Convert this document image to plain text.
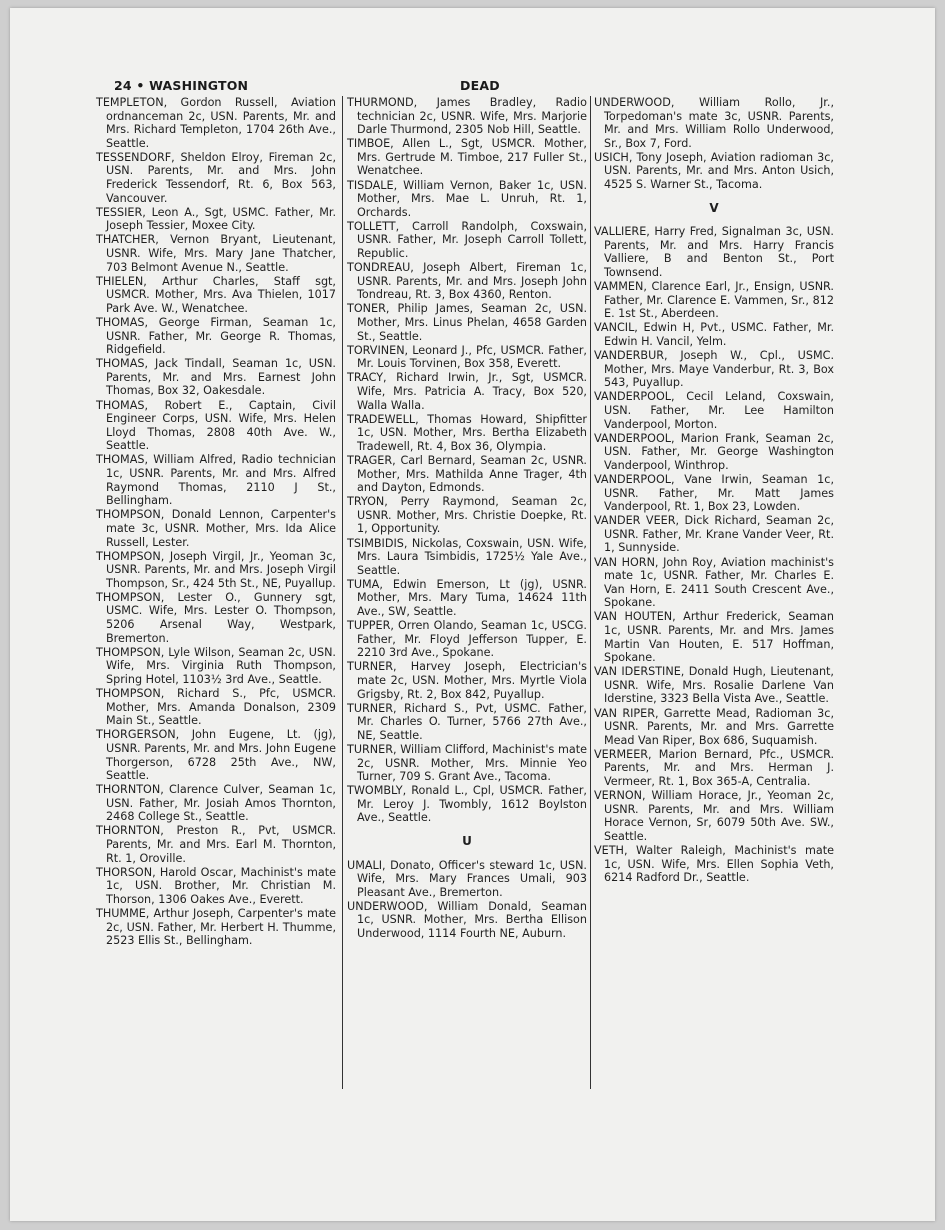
24 • WASHINGTON	DEAD
TEMPLETON, Gordon Russell, Aviation ordnanceman 2c, USN. Parents, Mr. and Mrs. Richard Templeton, 1704 26th Ave., Seattle.
TESSENDORF, Sheldon Elroy, Fireman 2c, USN. Parents, Mr. and Mrs. John Frederick Tessendorf, Rt. 6, Box 563, Vancouver.
TESSIER, Leon A., Sgt, USMC. Father, Mr. Joseph Tessier, Moxee City.
THATCHER, Vernon Bryant, Lieutenant, USNR. Wife, Mrs. Mary Jane Thatcher, 703 Belmont Avenue N., Seattle.
THIELEN, Arthur Charles, Staff sgt, USMCR. Mother, Mrs. Ava Thielen, 1017 Park Ave. W., Wenatchee.
THOMAS, George Firman, Seaman 1c, USNR. Father, Mr. George R. Thomas, Ridgefield.
THOMAS, Jack Tindall, Seaman 1c, USN. Parents, Mr. and Mrs. Earnest John Thomas, Box 32, Oakesdale.
THOMAS, Robert E., Captain, Civil Engineer Corps, USN. Wife, Mrs. Helen Lloyd Thomas, 2808 40th Ave. W., Seattle.
THOMAS, William Alfred, Radio technician 1c, USNR. Parents, Mr. and Mrs. Alfred Raymond Thomas, 2110 J St., Bellingham.
THOMPSON, Donald Lennon, Carpenter's mate 3c, USNR. Mother, Mrs. Ida Alice Russell, Lester.
THOMPSON, Joseph Virgil, Jr., Yeoman 3c, USNR. Parents, Mr. and Mrs. Joseph Virgil Thompson, Sr., 424 5th St., NE, Puyallup.
THOMPSON, Lester O., Gunnery sgt, USMC. Wife, Mrs. Lester O. Thompson, 5206 Arsenal Way, Westpark, Bremerton.
THOMPSON, Lyle Wilson, Seaman 2c, USN. Wife, Mrs. Virginia Ruth Thompson, Spring Hotel, 1103½ 3rd Ave., Seattle.
THOMPSON, Richard S., Pfc, USMCR. Mother, Mrs. Amanda Donalson, 2309 Main St., Seattle.
THORGERSON, John Eugene, Lt. (jg), USNR. Parents, Mr. and Mrs. John Eugene Thorgerson, 6728 25th Ave., NW, Seattle.
THORNTON, Clarence Culver, Seaman 1c, USN. Father, Mr. Josiah Amos Thornton, 2468 College St., Seattle.
THORNTON, Preston R., Pvt, USMCR. Parents, Mr. and Mrs. Earl M. Thornton, Rt. 1, Oroville.
THORSON, Harold Oscar, Machinist's mate 1c, USN. Brother, Mr. Christian M. Thorson, 1306 Oakes Ave., Everett.
THUMME, Arthur Joseph, Carpenter's mate 2c, USN. Father, Mr. Herbert H. Thumme, 2523 Ellis St., Bellingham.
THURMOND, James Bradley, Radio technician 2c, USNR. Wife, Mrs. Marjorie Darle Thurmond, 2305 Nob Hill, Seattle.
TIMBOE, Allen L., Sgt, USMCR. Mother, Mrs. Gertrude M. Timboe, 217 Fuller St., Wenatchee.
TISDALE, William Vernon, Baker 1c, USN. Mother, Mrs. Mae L. Unruh, Rt. 1, Orchards.
TOLLETT, Carroll Randolph, Coxswain, USNR. Father, Mr. Joseph Carroll Tollett, Republic.
TONDREAU, Joseph Albert, Fireman 1c, USNR. Parents, Mr. and Mrs. Joseph John Tondreau, Rt. 3, Box 4360, Renton.
TONER, Philip James, Seaman 2c, USN. Mother, Mrs. Linus Phelan, 4658 Garden St., Seattle.
TORVINEN, Leonard J., Pfc, USMCR. Father, Mr. Louis Torvinen, Box 358, Everett.
TRACY, Richard Irwin, Jr., Sgt, USMCR. Wife, Mrs. Patricia A. Tracy, Box 520, Walla Walla.
TRADEWELL, Thomas Howard, Shipfitter 1c, USN. Mother, Mrs. Bertha Elizabeth Tradewell, Rt. 4, Box 36, Olympia.
TRAGER, Carl Bernard, Seaman 2c, USNR. Mother, Mrs. Mathilda Anne Trager, 4th and Dayton, Edmonds.
TRYON, Perry Raymond, Seaman 2c, USNR. Mother, Mrs. Christie Doepke, Rt. 1, Opportunity.
TSIMBIDIS, Nickolas, Coxswain, USN. Wife, Mrs. Laura Tsimbidis, 1725½ Yale Ave., Seattle.
TUMA, Edwin Emerson, Lt (jg), USNR. Mother, Mrs. Mary Tuma, 14624 11th Ave., SW, Seattle.
TUPPER, Orren Olando, Seaman 1c, USCG. Father, Mr. Floyd Jefferson Tupper, E. 2210 3rd Ave., Spokane.
TURNER, Harvey Joseph, Electrician's mate 2c, USN. Mother, Mrs. Myrtle Viola Grigsby, Rt. 2, Box 842, Puyallup.
TURNER, Richard S., Pvt, USMC. Father, Mr. Charles O. Turner, 5766 27th Ave., NE, Seattle.
TURNER, William Clifford, Machinist's mate 2c, USNR. Mother, Mrs. Minnie Yeo Turner, 709 S. Grant Ave., Tacoma.
TWOMBLY, Ronald L., Cpl, USMCR. Father, Mr. Leroy J. Twombly, 1612 Boylston Ave., Seattle.
U
UMALI, Donato, Officer's steward 1c, USN. Wife, Mrs. Mary Frances Umali, 903 Pleasant Ave., Bremerton.
UNDERWOOD, William Donald, Seaman 1c, USNR. Mother, Mrs. Bertha Ellison Underwood, 1114 Fourth NE, Auburn.
UNDERWOOD, William Rollo, Jr., Torpedoman's mate 3c, USNR. Parents, Mr. and Mrs. William Rollo Underwood, Sr., Box 7, Ford.
USICH, Tony Joseph, Aviation radioman 3c, USN. Parents, Mr. and Mrs. Anton Usich, 4525 S. Warner St., Tacoma.
V
VALLIERE, Harry Fred, Signalman 3c, USN. Parents, Mr. and Mrs. Harry Francis Valliere, B and Benton St., Port Townsend.
VAMMEN, Clarence Earl, Jr., Ensign, USNR. Father, Mr. Clarence E. Vammen, Sr., 812 E. 1st St., Aberdeen.
VANCIL, Edwin H, Pvt., USMC. Father, Mr. Edwin H. Vancil, Yelm.
VANDERBUR, Joseph W., Cpl., USMC. Mother, Mrs. Maye Vanderbur, Rt. 3, Box 543, Puyallup.
VANDERPOOL, Cecil Leland, Coxswain, USN. Father, Mr. Lee Hamilton Vanderpool, Morton.
VANDERPOOL, Marion Frank, Seaman 2c, USN. Father, Mr. George Washington Vanderpool, Winthrop.
VANDERPOOL, Vane Irwin, Seaman 1c, USNR. Father, Mr. Matt James Vanderpool, Rt. 1, Box 23, Lowden.
VANDER VEER, Dick Richard, Seaman 2c, USNR. Father, Mr. Krane Vander Veer, Rt. 1, Sunnyside.
VAN HORN, John Roy, Aviation machinist's mate 1c, USNR. Father, Mr. Charles E. Van Horn, E. 2411 South Crescent Ave., Spokane.
VAN HOUTEN, Arthur Frederick, Seaman 1c, USNR. Parents, Mr. and Mrs. James Martin Van Houten, E. 517 Hoffman, Spokane.
VAN IDERSTINE, Donald Hugh, Lieutenant, USNR. Wife, Mrs. Rosalie Darlene Van Iderstine, 3323 Bella Vista Ave., Seattle.
VAN RIPER, Garrette Mead, Radioman 3c, USNR. Parents, Mr. and Mrs. Garrette Mead Van Riper, Box 686, Suquamish.
VERMEER, Marion Bernard, Pfc., USMCR. Parents, Mr. and Mrs. Herman J. Vermeer, Rt. 1, Box 365-A, Centralia.
VERNON, William Horace, Jr., Yeoman 2c, USNR. Parents, Mr. and Mrs. William Horace Vernon, Sr, 6079 50th Ave. SW., Seattle.
VETH, Walter Raleigh, Machinist's mate 1c, USN. Wife, Mrs. Ellen Sophia Veth, 6214 Radford Dr., Seattle.
